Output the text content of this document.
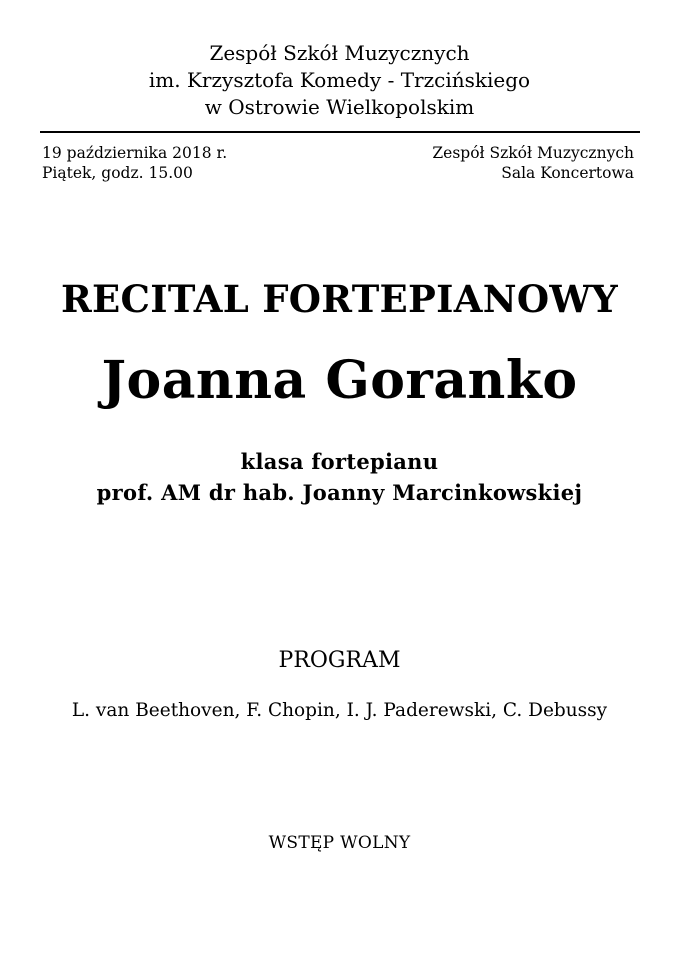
Zespół Szkół Muzycznych
im. Krzysztofa Komedy - Trzcińskiego
w Ostrowie Wielkopolskim
19 października 2018 r.
Piątek, godz. 15.00
Zespół Szkół Muzycznych
Sala Koncertowa
RECITAL FORTEPIANOWY
Joanna Goranko
klasa fortepianu
prof. AM dr hab. Joanny Marcinkowskiej
PROGRAM
L. van Beethoven, F. Chopin, I. J. Paderewski, C. Debussy
WSTĘP WOLNY
